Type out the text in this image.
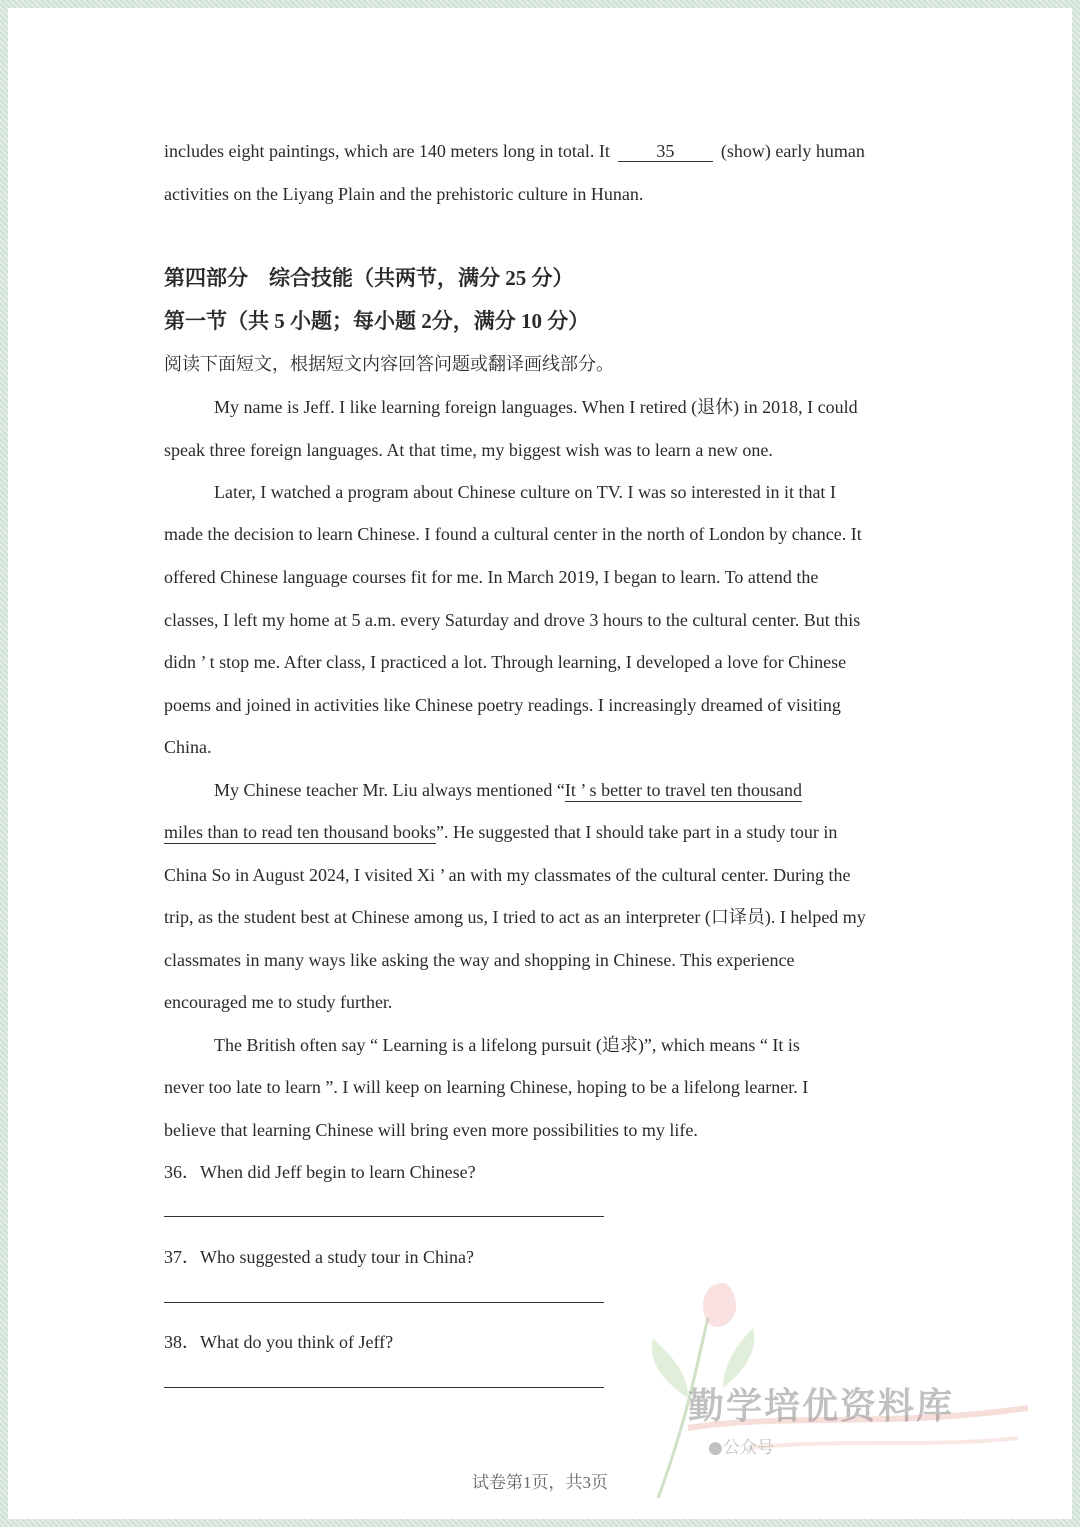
includes eight paintings, which are 140 meters long in total. It	35	(show) early human
activities on the Liyang Plain and the prehistoric culture in Hunan.
第四部分　综合技能（共两节，满分 25 分）
第一节（共 5 小题；每小题 2分，满分 10 分）
阅读下面短文，根据短文内容回答问题或翻译画线部分。
My name is Jeff. I like learning foreign languages. When I retired (退休) in 2018, I could
speak three foreign languages. At that time, my biggest wish was to learn a new one.
Later, I watched a program about Chinese culture on TV. I was so interested in it that I
made the decision to learn Chinese. I found a cultural center in the north of London by chance. It
offered Chinese language courses fit for me. In March 2019, I began to learn. To attend the
classes, I left my home at 5 a.m. every Saturday and drove 3 hours to the cultural center. But this
didn ’ t stop me. After class, I practiced a lot. Through learning, I developed a love for Chinese
poems and joined in activities like Chinese poetry readings. I increasingly dreamed of visiting
China.
My Chinese teacher Mr. Liu always mentioned “It ’ s better to travel ten thousand
miles than to read ten thousand books”. He suggested that I should take part in a study tour in
China So in August 2024, I visited Xi ’ an with my classmates of the cultural center. During the
trip, as the student best at Chinese among us, I tried to act as an interpreter (口译员). I helped my
classmates in many ways like asking the way and shopping in Chinese. This experience
encouraged me to study further.
The British often say “ Learning is a lifelong pursuit (追求)”, which means “ It is
never too late to learn ”. I will keep on learning Chinese, hoping to be a lifelong learner. I
believe that learning Chinese will bring even more possibilities to my life.
36．When did Jeff begin to learn Chinese?
37．Who suggested a study tour in China?
38．What do you think of Jeff?
勤学培优资料库
●公众号
试卷第1页，共3页
